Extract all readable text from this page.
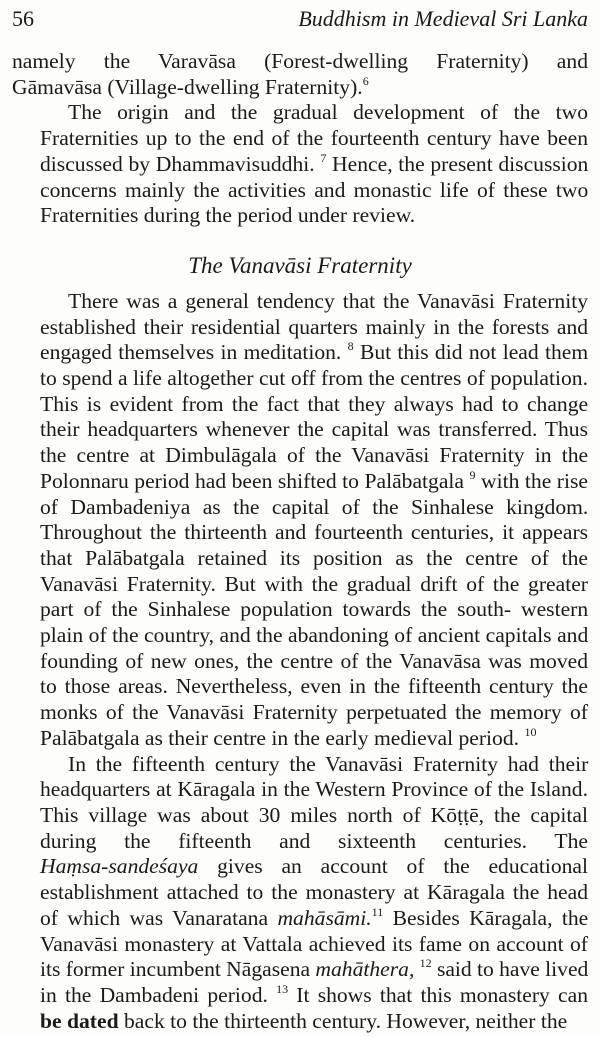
56	Buddhism in Medieval Sri Lanka
namely the Varavāsa (Forest-dwelling Fraternity) and
Gāmavāsa (Village-dwelling Fraternity).$^6$
The origin and the gradual development of the two
Fraternities up to the end of the fourteenth century have been
discussed by Dhammavisuddhi. $^7$ Hence, the present discussion
concerns mainly the activities and monastic life of these two
Fraternities during the period under review.
The Vanavāsi Fraternity
There was a general tendency that the Vanavāsi Fraternity
established their residential quarters mainly in the forests and
engaged themselves in meditation. $^8$ But this did not lead them
to spend a life altogether cut off from the centres of population.
This is evident from the fact that they always had to change
their headquarters whenever the capital was transferred. Thus
the centre at Dimbulāgala of the Vanavāsi Fraternity in the
Polonnaru period had been shifted to Palābatgala $^9$ with the rise
of Dambadeniya as the capital of the Sinhalese kingdom.
Throughout the thirteenth and fourteenth centuries, it appears
that Palābatgala retained its position as the centre of the
Vanavāsi Fraternity. But with the gradual drift of the greater
part of the Sinhalese population towards the south- western
plain of the country, and the abandoning of ancient capitals and
founding of new ones, the centre of the Vanavāsa was moved
to those areas. Nevertheless, even in the fifteenth century the
monks of the Vanavāsi Fraternity perpetuated the memory of
Palābatgala as their centre in the early medieval period. $^{10}$
In the fifteenth century the Vanavāsi Fraternity had their
headquarters at Kāragala in the Western Province of the Island.
This village was about 30 miles north of Kōṭṭē, the capital
during the fifteenth and sixteenth centuries. The
Haṃsa-sandeśaya gives an account of the educational
establishment attached to the monastery at Kāragala the head
of which was Vanaratana mahāsāmi.$^{11}$ Besides Kāragala, the
Vanavāsi monastery at Vattala achieved its fame on account of
its former incumbent Nāgasena mahāthera, $^{12}$ said to have lived
in the Dambadeni period. $^{13}$ It shows that this monastery can
be dated back to the thirteenth century. However, neither the
